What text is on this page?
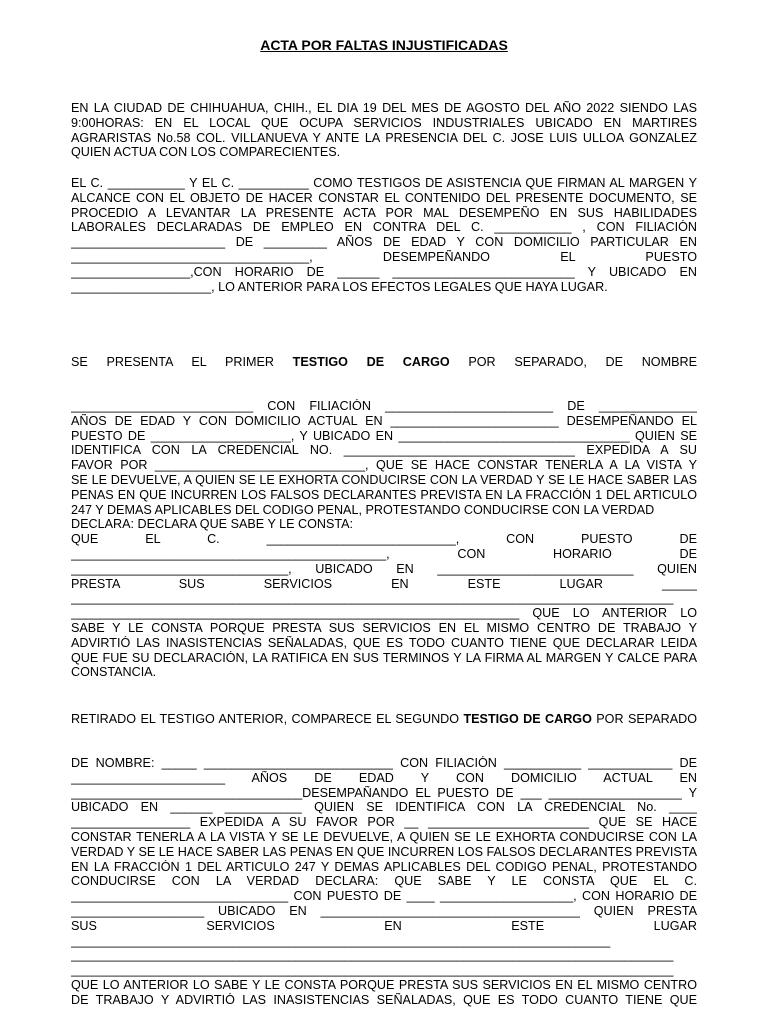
ACTA POR FALTAS INJUSTIFICADAS
EN LA CIUDAD DE CHIHUAHUA, CHIH., EL DIA 19 DEL MES DE AGOSTO DEL AÑO 2022 SIENDO LAS
9:00HORAS: EN EL LOCAL QUE OCUPA SERVICIOS INDUSTRIALES UBICADO EN MARTIRES
AGRARISTAS No.58 COL. VILLANUEVA Y ANTE LA PRESENCIA DEL C. JOSE LUIS ULLOA GONZALEZ
QUIEN ACTUA CON LOS COMPARECIENTES.
EL C. ___________ Y EL C. __________ COMO TESTIGOS DE ASISTENCIA QUE FIRMAN AL MARGEN Y
ALCANCE CON EL OBJETO DE HACER CONSTAR EL CONTENIDO DEL PRESENTE DOCUMENTO, SE
PROCEDIO A LEVANTAR LA PRESENTE ACTA POR MAL DESEMPEÑO EN SUS HABILIDADES
LABORALES DECLARADAS DE EMPLEO EN CONTRA DEL C. ___________ , CON FILIACIÓN
______________________ DE _________ AÑOS DE EDAD Y CON DOMICILIO PARTICULAR EN
__________________________________, DESEMPEÑANDO EL PUESTO
_________________,CON HORARIO DE ______ __________________________ Y UBICADO EN
____________________, LO ANTERIOR PARA LOS EFECTOS LEGALES QUE HAYA LUGAR.

SE PRESENTA EL PRIMER TESTIGO DE CARGO POR SEPARADO, DE NOMBRE

__________________________ CON FILIACIÓN ________________________ DE ______________
AÑOS DE EDAD Y CON DOMICILIO ACTUAL EN ________________________ DESEMPEÑANDO EL
PUESTO DE ____________________, Y UBICADO EN _________________________________ QUIEN SE
IDENTIFICA CON LA CREDENCIAL NO. _________________________________ EXPEDIDA A SU
FAVOR POR ______________________________, QUE SE HACE CONSTAR TENERLA A LA VISTA Y
SE LE DEVUELVE, A QUIEN SE LE EXHORTA CONDUCIRSE CON LA VERDAD Y SE LE HACE SABER LAS
PENAS EN QUE INCURREN LOS FALSOS DECLARANTES PREVISTA EN LA FRACCIÓN 1 DEL ARTICULO
247 Y DEMAS APLICABLES DEL CODIGO PENAL, PROTESTANDO CONDUCIRSE CON LA VERDAD
DECLARA: DECLARA QUE SABE Y LE CONSTA:
QUE EL C. ___________________________, CON PUESTO DE
_____________________________________________, CON HORARIO DE
_______________________________, UBICADO EN ____________________________ QUIEN
PRESTA SUS SERVICIOS EN ESTE LUGAR _____
______________________________________________________________________________________
________________________________________________________________ QUE LO ANTERIOR LO
SABE Y LE CONSTA PORQUE PRESTA SUS SERVICIOS EN EL MISMO CENTRO DE TRABAJO Y
ADVIRTIÓ LAS INASISTENCIAS SEÑALADAS, QUE ES TODO CUANTO TIENE QUE DECLARAR LEIDA
QUE FUE SU DECLARACIÓN, LA RATIFICA EN SUS TERMINOS Y LA FIRMA AL MARGEN Y CALCE PARA
CONSTANCIA.

RETIRADO EL TESTIGO ANTERIOR, COMPARECE EL SEGUNDO TESTIGO DE CARGO POR SEPARADO

DE NOMBRE: _____ ___________________________ CON FILIACIÓN ___________ ____________ DE
______________________ AÑOS DE EDAD Y CON DOMICILIO ACTUAL EN
_________________________________DESEMPAÑANDO EL PUESTO DE ___ ___________________ Y
UBICADO EN ______ ___________ QUIEN SE IDENTIFICA CON LA CREDENCIAL No. ____
_________________ EXPEDIDA A SU FAVOR POR __ _______________________ QUE SE HACE
CONSTAR TENERLA A LA VISTA Y SE LE DEVUELVE, A QUIEN SE LE EXHORTA CONDUCIRSE CON LA
VERDAD Y SE LE HACE SABER LAS PENAS EN QUE INCURREN LOS FALSOS DECLARANTES PREVISTA
EN LA FRACCIÓN 1 DEL ARTICULO 247 Y DEMAS APLICABLES DEL CODIGO PENAL, PROTESTANDO
CONDUCIRSE CON LA VERDAD DECLARA: QUE SABE Y LE CONSTA QUE EL C.
_______________________________ CON PUESTO DE ____ ___________________, CON HORARIO DE
___________________ UBICADO EN _____________________________________ QUIEN PRESTA
SUS SERVICIOS EN ESTE LUGAR
_____________________________________________________________________________
______________________________________________________________________________________
______________________________________________________________________________________
QUE LO ANTERIOR LO SABE Y LE CONSTA PORQUE PRESTA SUS SERVICIOS EN EL MISMO CENTRO
DE TRABAJO Y ADVIRTIÓ LAS INASISTENCIAS SEÑALADAS, QUE ES TODO CUANTO TIENE QUE
